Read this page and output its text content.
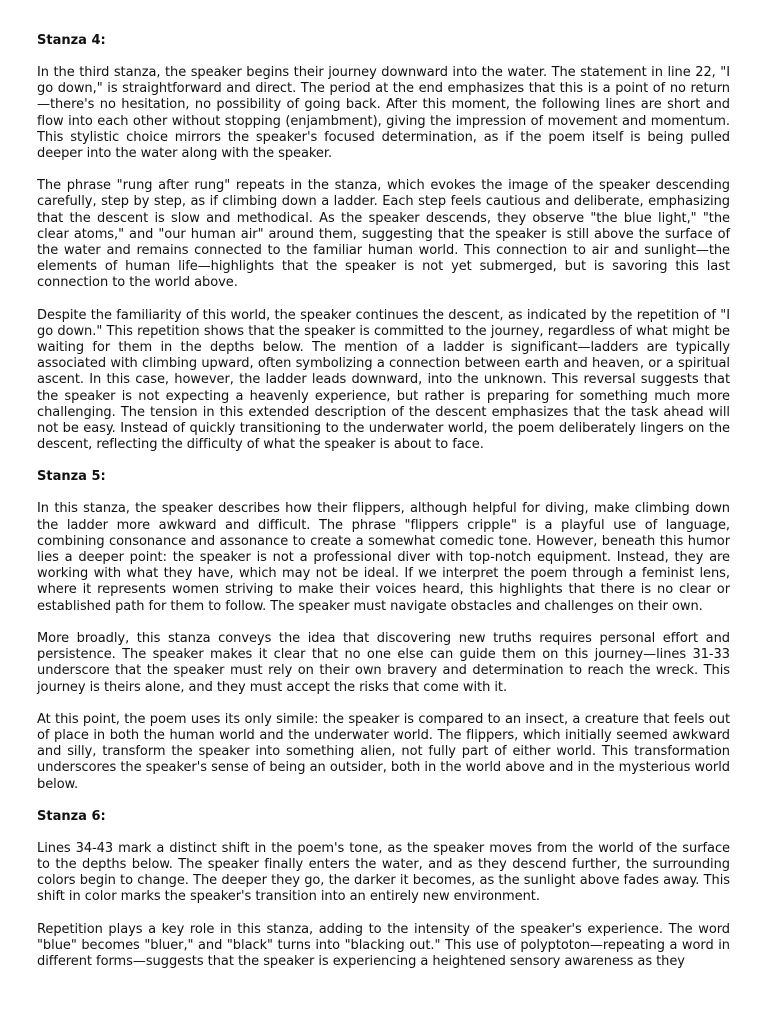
Stanza 4:

In the third stanza, the speaker begins their journey downward into the water. The statement in line 22, "I go down," is straightforward and direct. The period at the end emphasizes that this is a point of no return—there's no hesitation, no possibility of going back. After this moment, the following lines are short and flow into each other without stopping (enjambment), giving the impression of movement and momentum. This stylistic choice mirrors the speaker's focused determination, as if the poem itself is being pulled deeper into the water along with the speaker.

The phrase "rung after rung" repeats in the stanza, which evokes the image of the speaker descending carefully, step by step, as if climbing down a ladder. Each step feels cautious and deliberate, emphasizing that the descent is slow and methodical. As the speaker descends, they observe "the blue light," "the clear atoms," and "our human air" around them, suggesting that the speaker is still above the surface of the water and remains connected to the familiar human world. This connection to air and sunlight—the elements of human life—highlights that the speaker is not yet submerged, but is savoring this last connection to the world above.

Despite the familiarity of this world, the speaker continues the descent, as indicated by the repetition of "I go down." This repetition shows that the speaker is committed to the journey, regardless of what might be waiting for them in the depths below. The mention of a ladder is significant—ladders are typically associated with climbing upward, often symbolizing a connection between earth and heaven, or a spiritual ascent. In this case, however, the ladder leads downward, into the unknown. This reversal suggests that the speaker is not expecting a heavenly experience, but rather is preparing for something much more challenging. The tension in this extended description of the descent emphasizes that the task ahead will not be easy. Instead of quickly transitioning to the underwater world, the poem deliberately lingers on the descent, reflecting the difficulty of what the speaker is about to face.

Stanza 5:

In this stanza, the speaker describes how their flippers, although helpful for diving, make climbing down the ladder more awkward and difficult. The phrase "flippers cripple" is a playful use of language, combining consonance and assonance to create a somewhat comedic tone. However, beneath this humor lies a deeper point: the speaker is not a professional diver with top-notch equipment. Instead, they are working with what they have, which may not be ideal. If we interpret the poem through a feminist lens, where it represents women striving to make their voices heard, this highlights that there is no clear or established path for them to follow. The speaker must navigate obstacles and challenges on their own.

More broadly, this stanza conveys the idea that discovering new truths requires personal effort and persistence. The speaker makes it clear that no one else can guide them on this journey—lines 31-33 underscore that the speaker must rely on their own bravery and determination to reach the wreck. This journey is theirs alone, and they must accept the risks that come with it.

At this point, the poem uses its only simile: the speaker is compared to an insect, a creature that feels out of place in both the human world and the underwater world. The flippers, which initially seemed awkward and silly, transform the speaker into something alien, not fully part of either world. This transformation underscores the speaker's sense of being an outsider, both in the world above and in the mysterious world below.

Stanza 6:

Lines 34-43 mark a distinct shift in the poem's tone, as the speaker moves from the world of the surface to the depths below. The speaker finally enters the water, and as they descend further, the surrounding colors begin to change. The deeper they go, the darker it becomes, as the sunlight above fades away. This shift in color marks the speaker's transition into an entirely new environment.

Repetition plays a key role in this stanza, adding to the intensity of the speaker's experience. The word "blue" becomes "bluer," and "black" turns into "blacking out." This use of polyptoton—repeating a word in different forms—suggests that the speaker is experiencing a heightened sensory awareness as they
